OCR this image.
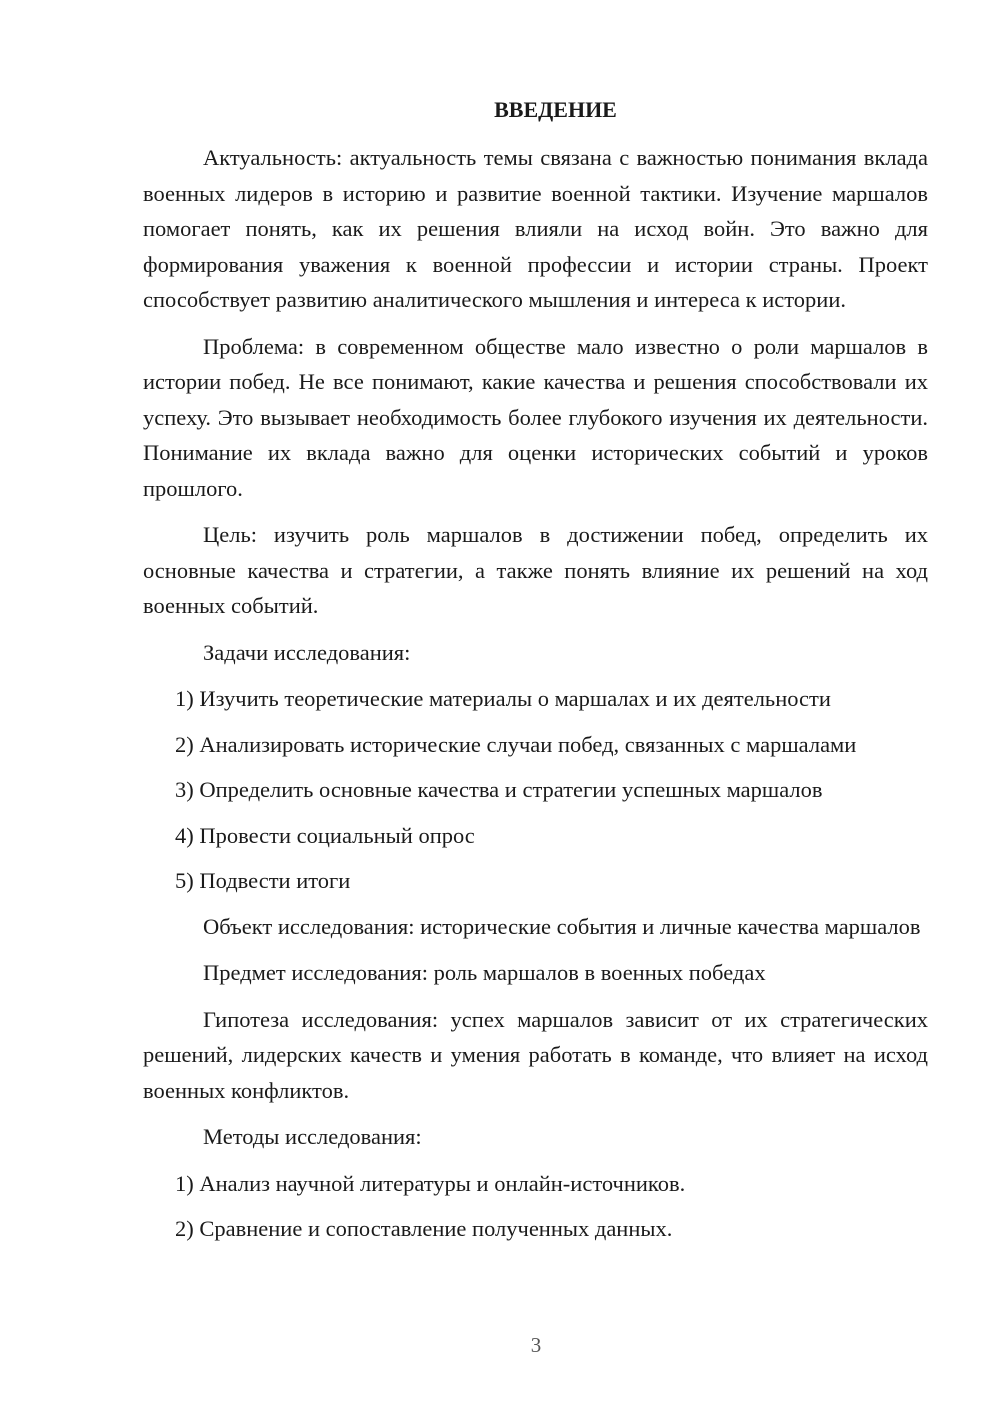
ВВЕДЕНИЕ

Актуальность: актуальность темы связана с важностью понимания вклада военных лидеров в историю и развитие военной тактики. Изучение маршалов помогает понять, как их решения влияли на исход войн. Это важно для формирования уважения к военной профессии и истории страны. Проект способствует развитию аналитического мышления и интереса к истории.

Проблема: в современном обществе мало известно о роли маршалов в истории побед. Не все понимают, какие качества и решения способствовали их успеху. Это вызывает необходимость более глубокого изучения их деятельности. Понимание их вклада важно для оценки исторических событий и уроков прошлого.

Цель: изучить роль маршалов в достижении побед, определить их основные качества и стратегии, а также понять влияние их решений на ход военных событий.

Задачи исследования:

1) Изучить теоретические материалы о маршалах и их деятельности
2) Анализировать исторические случаи побед, связанных с маршалами
3) Определить основные качества и стратегии успешных маршалов
4) Провести социальный опрос
5) Подвести итоги

Объект исследования: исторические события и личные качества маршалов

Предмет исследования: роль маршалов в военных победах

Гипотеза исследования: успех маршалов зависит от их стратегических решений, лидерских качеств и умения работать в команде, что влияет на исход военных конфликтов.

Методы исследования:

1) Анализ научной литературы и онлайн-источников.
2) Сравнение и сопоставление полученных данных.
3
